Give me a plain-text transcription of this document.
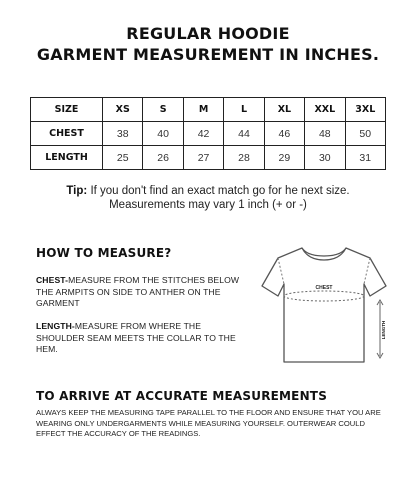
REGULAR HOODIE
GARMENT MEASUREMENT IN INCHES.
SIZE	XS	S	M	L	XL	XXL	3XL
CHEST	38	40	42	44	46	48	50
LENGTH	25	26	27	28	29	30	31
Tip: If you don't find an exact match go for he next size.
Measurements may vary 1 inch (+ or -)
HOW TO MEASURE?
CHEST-MEASURE FROM THE STITCHES BELOW THE ARMPITS ON SIDE TO ANTHER ON THE GARMENT
LENGTH-MEASURE FROM WHERE THE SHOULDER SEAM MEETS THE COLLAR TO THE HEM.
CHEST
LENGTH
TO ARRIVE AT ACCURATE MEASUREMENTS
ALWAYS KEEP THE MEASURING TAPE PARALLEL TO THE FLOOR AND ENSURE THAT YOU ARE WEARING ONLY UNDERGARMENTS WHILE MEASURING YOURSELF. OUTERWEAR COULD EFFECT THE ACCURACY OF THE READINGS.
